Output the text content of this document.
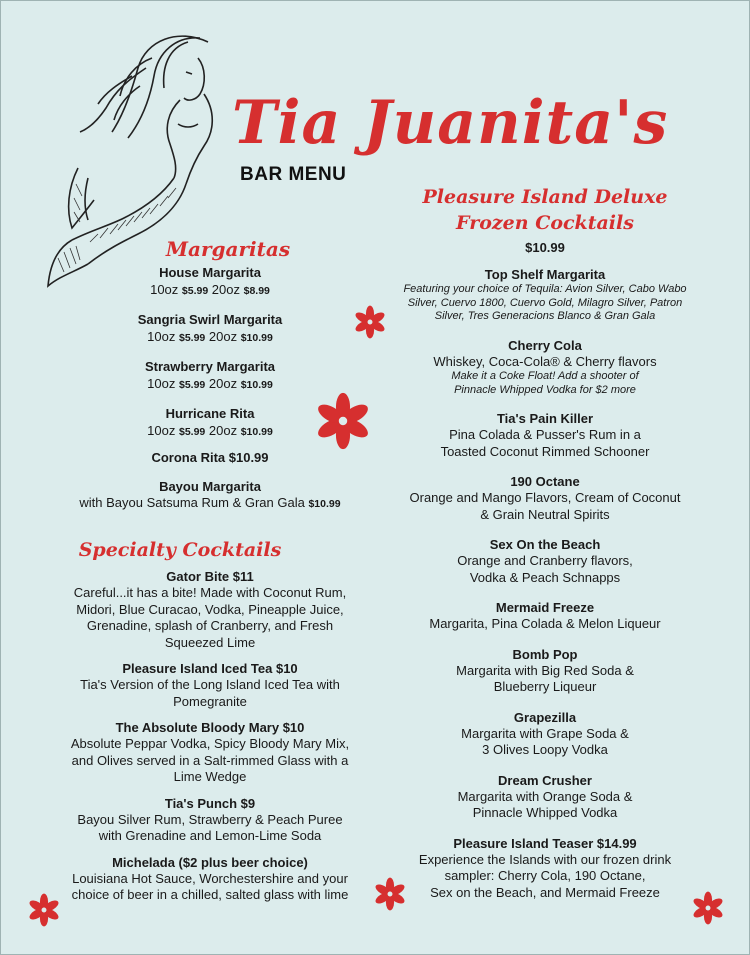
Tia Juanita's
BAR MENU
Margaritas
House Margarita
10oz $5.99 20oz $8.99
Sangria Swirl Margarita
10oz $5.99 20oz $10.99
Strawberry Margarita
10oz $5.99 20oz $10.99
Hurricane Rita
10oz $5.99 20oz $10.99
Corona Rita $10.99
Bayou Margarita
with Bayou Satsuma Rum & Gran Gala $10.99
Specialty Cocktails
Gator Bite $11
Careful...it has a bite! Made with Coconut Rum,
Midori, Blue Curacao, Vodka, Pineapple Juice,
Grenadine, splash of Cranberry, and Fresh
Squeezed Lime
Pleasure Island Iced Tea $10
Tia's Version of the Long Island Iced Tea with
Pomegranite
The Absolute Bloody Mary $10
Absolute Peppar Vodka, Spicy Bloody Mary Mix,
and Olives served in a Salt-rimmed Glass with a
Lime Wedge
Tia's Punch $9
Bayou Silver Rum, Strawberry & Peach Puree
with Grenadine and Lemon-Lime Soda
Michelada ($2 plus beer choice)
Louisiana Hot Sauce, Worchestershire and your
choice of beer in a chilled, salted glass with lime
Pleasure Island Deluxe
Frozen Cocktails
$10.99
Top Shelf Margarita
Featuring your choice of Tequila: Avion Silver, Cabo Wabo
Silver, Cuervo 1800, Cuervo Gold, Milagro Silver, Patron
Silver, Tres Generacions Blanco & Gran Gala
Cherry Cola
Whiskey, Coca-Cola® & Cherry flavors
Make it a Coke Float! Add a shooter of
Pinnacle Whipped Vodka for $2 more
Tia's Pain Killer
Pina Colada & Pusser's Rum in a
Toasted Coconut Rimmed Schooner
190 Octane
Orange and Mango Flavors, Cream of Coconut
& Grain Neutral Spirits
Sex On the Beach
Orange and Cranberry flavors,
Vodka & Peach Schnapps
Mermaid Freeze
Margarita, Pina Colada & Melon Liqueur
Bomb Pop
Margarita with Big Red Soda &
Blueberry Liqueur
Grapezilla
Margarita with Grape Soda &
3 Olives Loopy Vodka
Dream Crusher
Margarita with Orange Soda &
Pinnacle Whipped Vodka
Pleasure Island Teaser $14.99
Experience the Islands with our frozen drink
sampler: Cherry Cola, 190 Octane,
Sex on the Beach, and Mermaid Freeze
